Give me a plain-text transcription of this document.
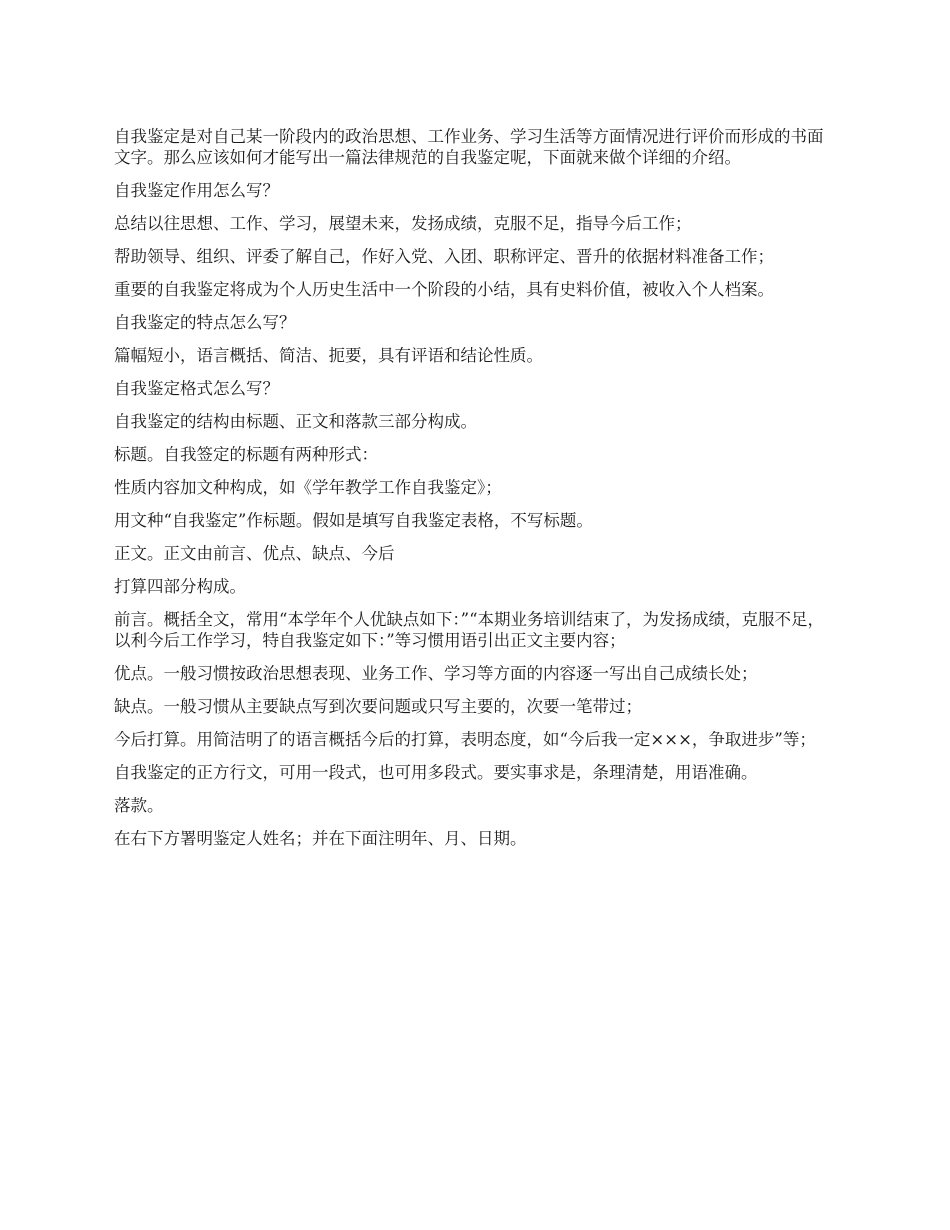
自我鉴定是对自己某一阶段内的政治思想、工作业务、学习生活等方面情况进行评价而形成的书面文字。那么应该如何才能写出一篇法律规范的自我鉴定呢，下面就来做个详细的介绍。

自我鉴定作用怎么写？

总结以往思想、工作、学习，展望未来，发扬成绩，克服不足，指导今后工作；

帮助领导、组织、评委了解自己，作好入党、入团、职称评定、晋升的依据材料准备工作；

重要的自我鉴定将成为个人历史生活中一个阶段的小结，具有史料价值，被收入个人档案。

自我鉴定的特点怎么写？

篇幅短小，语言概括、简洁、扼要，具有评语和结论性质。

自我鉴定格式怎么写？

自我鉴定的结构由标题、正文和落款三部分构成。

标题。自我签定的标题有两种形式：

性质内容加文种构成，如《学年教学工作自我鉴定》；

用文种“自我鉴定”作标题。假如是填写自我鉴定表格，不写标题。

正文。正文由前言、优点、缺点、今后

打算四部分构成。

前言。概括全文，常用“本学年个人优缺点如下：”“本期业务培训结束了，为发扬成绩，克服不足，以利今后工作学习，特自我鉴定如下：”等习惯用语引出正文主要内容；

优点。一般习惯按政治思想表现、业务工作、学习等方面的内容逐一写出自己成绩长处；

缺点。一般习惯从主要缺点写到次要问题或只写主要的，次要一笔带过；

今后打算。用简洁明了的语言概括今后的打算，表明态度，如“今后我一定×××，争取进步”等；

自我鉴定的正方行文，可用一段式，也可用多段式。要实事求是，条理清楚，用语准确。

落款。

在右下方署明鉴定人姓名；并在下面注明年、月、日期。
